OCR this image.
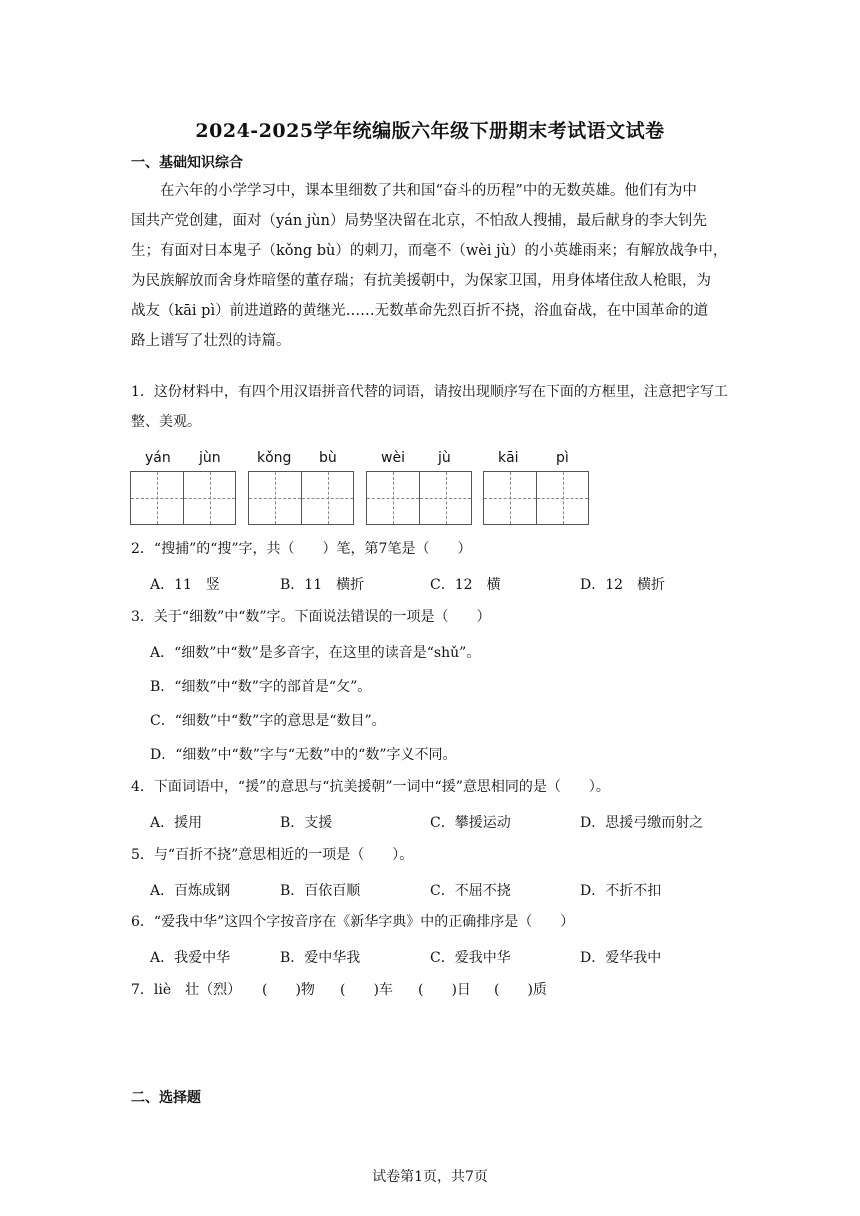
2024-2025学年统编版六年级下册期末考试语文试卷
一、基础知识综合
在六年的小学学习中，课本里细数了共和国“奋斗的历程”中的无数英雄。他们有为中
国共产党创建，面对（yán jùn）局势坚决留在北京，不怕敌人搜捕，最后献身的李大钊先
生；有面对日本鬼子（kǒng bù）的刺刀，而毫不（wèi jù）的小英雄雨来；有解放战争中，
为民族解放而舍身炸暗堡的董存瑞；有抗美援朝中，为保家卫国，用身体堵住敌人枪眼，为
战友（kāi pì）前进道路的黄继光……无数革命先烈百折不挠，浴血奋战，在中国革命的道
路上谱写了壮烈的诗篇。
1．这份材料中，有四个用汉语拼音代替的词语，请按出现顺序写在下面的方框里，注意把字写工整、美观。
yán jùn	kǒng bù	wèi jù	kāi	pì
2．“搜捕”的“搜”字，共（　　）笔，第7笔是（　　）
A．11　竖	B．11　横折	C．12　横	D．12　横折
3．关于“细数”中“数”字。下面说法错误的一项是（　　）
A．“细数”中“数”是多音字，在这里的读音是“shǔ”。
B．“细数”中“数”字的部首是“攵”。
C．“细数”中“数”字的意思是“数目”。
D．“细数”中“数”字与“无数”中的“数”字义不同。
4．下面词语中，“援”的意思与“抗美援朝”一词中“援”意思相同的是（　　）。
A．援用	B．支援	C．攀援运动	D．思援弓缴而射之
5．与“百折不挠”意思相近的一项是（　　）。
A．百炼成钢	B．百依百顺	C．不屈不挠	D．不折不扣
6．“爱我中华”这四个字按音序在《新华字典》中的正确排序是（　　）
A．我爱中华	B．爱中华我	C．爱我中华	D．爱华我中
7．liè　壮（烈） (　　)物 (　　)车 (　　)日 (　　)质
二、选择题
试卷第1页，共7页
